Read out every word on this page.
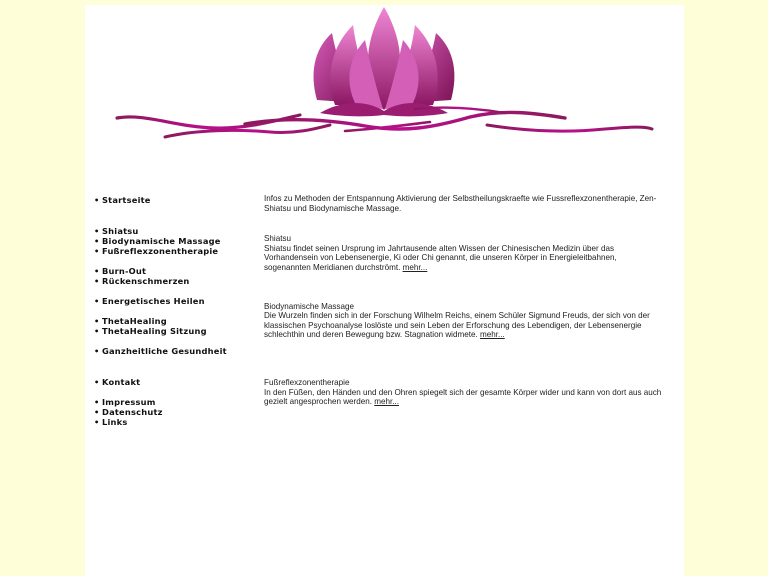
• Startseite
• Shiatsu
• Biodynamische Massage
• Fußreflexzonentherapie
• Burn-Out
• Rückenschmerzen
• Energetisches Heilen
• ThetaHealing
• ThetaHealing Sitzung
• Ganzheitliche Gesundheit
• Kontakt
• Impressum
• Datenschutz
• Links

Infos zu Methoden der Entspannung Aktivierung der Selbstheilungskraefte wie Fussreflexzonentherapie, Zen-Shiatsu und Biodynamische Massage.

Shiatsu

Shiatsu findet seinen Ursprung im Jahrtausende alten Wissen der Chinesischen Medizin über das Vorhandensein von Lebensenergie, Ki oder Chi genannt, die unseren Körper in Energieleitbahnen, sogenannten Meridianen durchströmt. mehr...

Biodynamische Massage

Die Wurzeln finden sich in der Forschung Wilhelm Reichs, einem Schüler Sigmund Freuds, der sich von der klassischen Psychoanalyse loslöste und sein Leben der Erforschung des Lebendigen, der Lebensenergie schlechthin und deren Bewegung bzw. Stagnation widmete. mehr...

Fußreflexzonentherapie

In den Füßen, den Händen und den Ohren spiegelt sich der gesamte Körper wider und kann von dort aus auch gezielt angesprochen werden. mehr...
